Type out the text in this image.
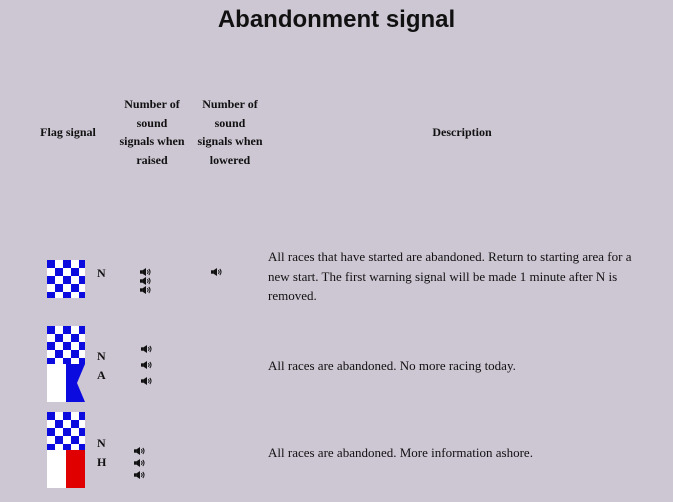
Abandonment signal
Flag signal
Number of
sound
signals when
raised
Number of
sound
signals when
lowered
Description
N
All races that have started are abandoned. Return to starting area for a new start. The first warning signal will be made 1 minute after N is removed.
N
A
All races are abandoned. No more racing today.
N
H
All races are abandoned. More information ashore.
